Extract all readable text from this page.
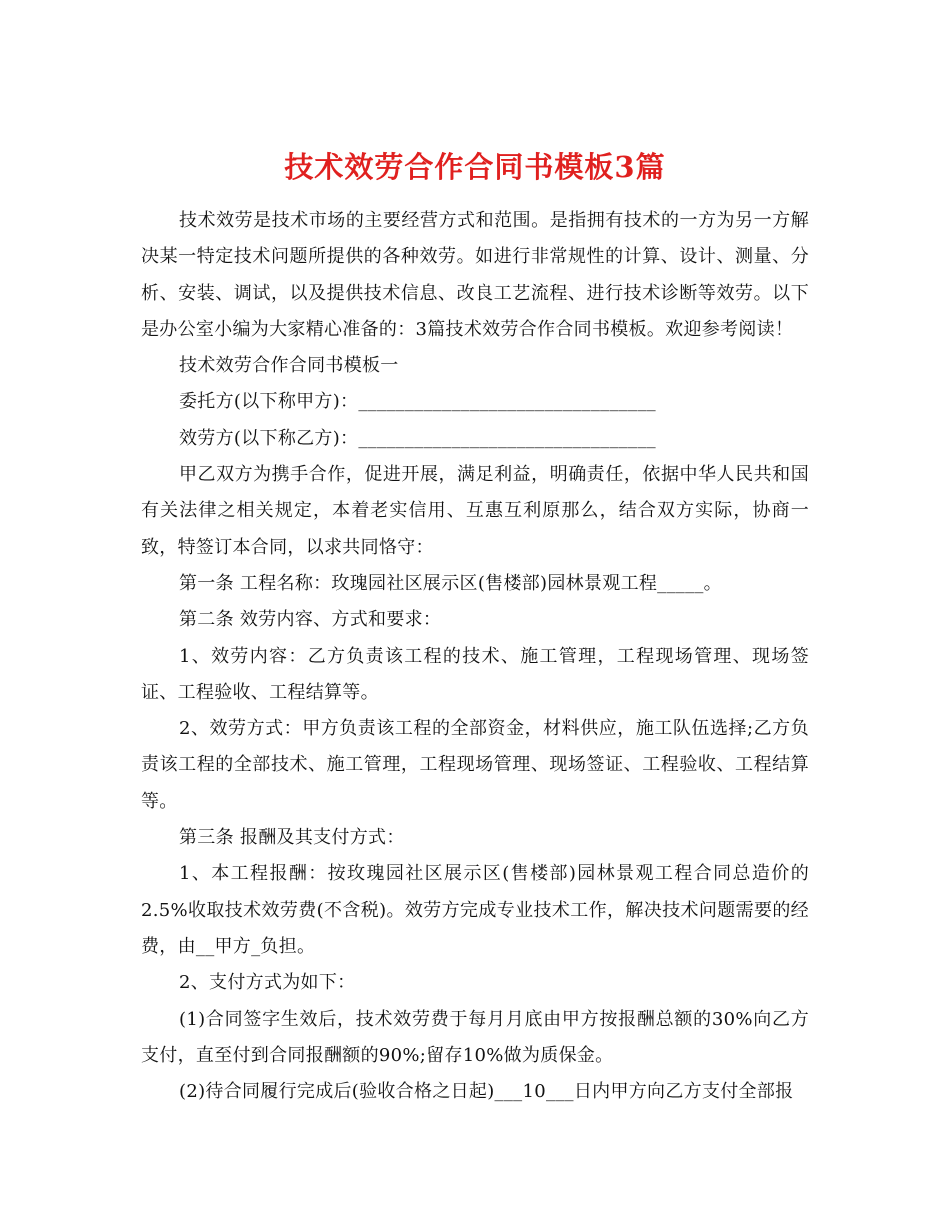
技术效劳合作合同书模板3篇

技术效劳是技术市场的主要经营方式和范围。是指拥有技术的一方为另一方解决某一特定技术问题所提供的各种效劳。如进行非常规性的计算、设计、测量、分析、安装、调试，以及提供技术信息、改良工艺流程、进行技术诊断等效劳。以下是办公室小编为大家精心准备的：3篇技术效劳合作合同书模板。欢迎参考阅读！

技术效劳合作合同书模板一

委托方(以下称甲方)：________________________________

效劳方(以下称乙方)：________________________________

甲乙双方为携手合作，促进开展，满足利益，明确责任，依据中华人民共和国有关法律之相关规定，本着老实信用、互惠互利原那么，结合双方实际，协商一致，特签订本合同，以求共同恪守：

第一条 工程名称：玫瑰园社区展示区(售楼部)园林景观工程_____。

第二条 效劳内容、方式和要求：

1、效劳内容：乙方负责该工程的技术、施工管理，工程现场管理、现场签证、工程验收、工程结算等。

2、效劳方式：甲方负责该工程的全部资金，材料供应，施工队伍选择;乙方负责该工程的全部技术、施工管理，工程现场管理、现场签证、工程验收、工程结算等。

第三条 报酬及其支付方式：

1、本工程报酬：按玫瑰园社区展示区(售楼部)园林景观工程合同总造价的2.5%收取技术效劳费(不含税)。效劳方完成专业技术工作，解决技术问题需要的经费，由__甲方_负担。

2、支付方式为如下：

(1)合同签字生效后，技术效劳费于每月月底由甲方按报酬总额的30%向乙方支付，直至付到合同报酬额的90%;留存10%做为质保金。

(2)待合同履行完成后(验收合格之日起)___10___日内甲方向乙方支付全部报
